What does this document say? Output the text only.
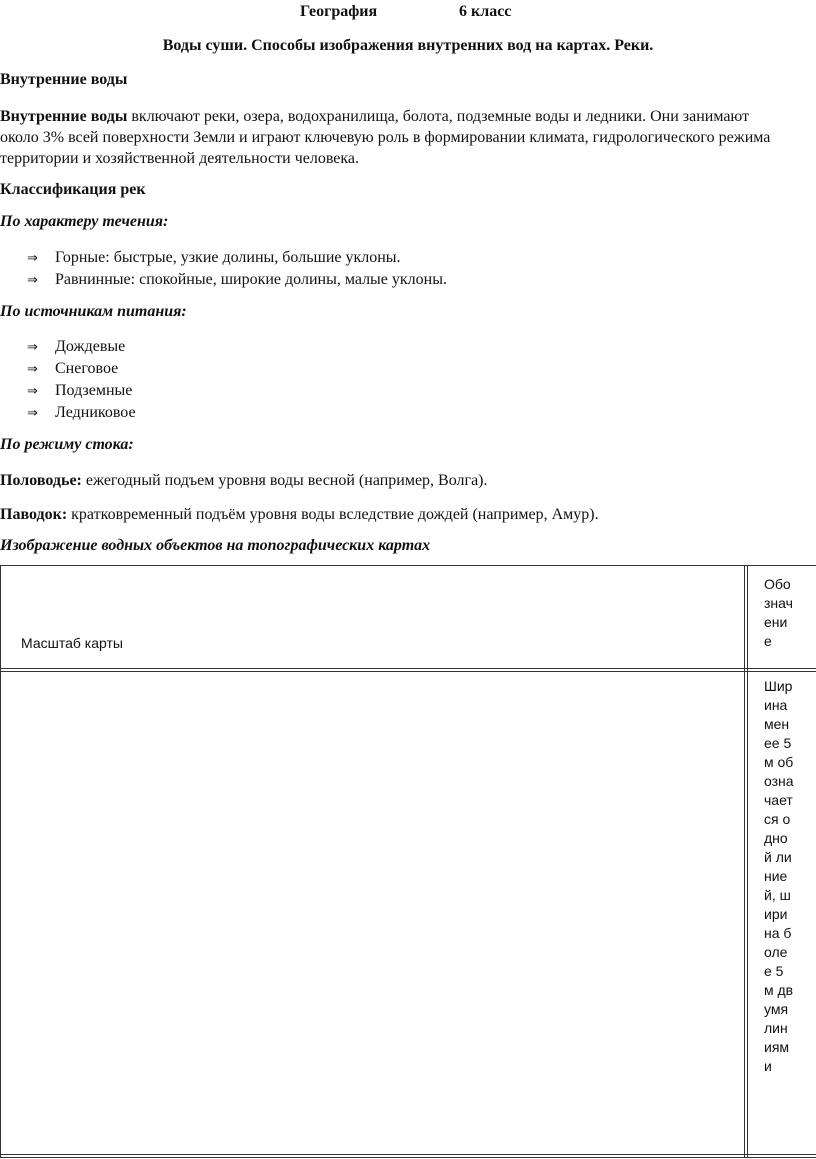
География	6 класс
Воды суши. Способы изображения внутренних вод на картах. Реки.
Внутренние воды
Внутренние воды включают реки, озера, водохранилища, болота, подземные воды и ледники. Они занимают около 3% всей поверхности Земли и играют ключевую роль в формировании климата, гидрологического режима территории и хозяйственной деятельности человека.
Классификация рек
По характеру течения:
⇒ Горные: быстрые, узкие долины, большие уклоны.
⇒ Равнинные: спокойные, широкие долины, малые уклоны.
По источникам питания:
⇒ Дождевые
⇒ Снеговое
⇒ Подземные
⇒ Ледниковое
По режиму стока:
Половодье: ежегодный подъем уровня воды весной (например, Волга).
Паводок: кратковременный подъём уровня воды вследствие дождей (например, Амур).
Изображение водных объектов на топографических картах
Масштаб карты
Обозначение
Ширина менее 5 м обозначается одной линией, ширина более 5 м двумя линиями
